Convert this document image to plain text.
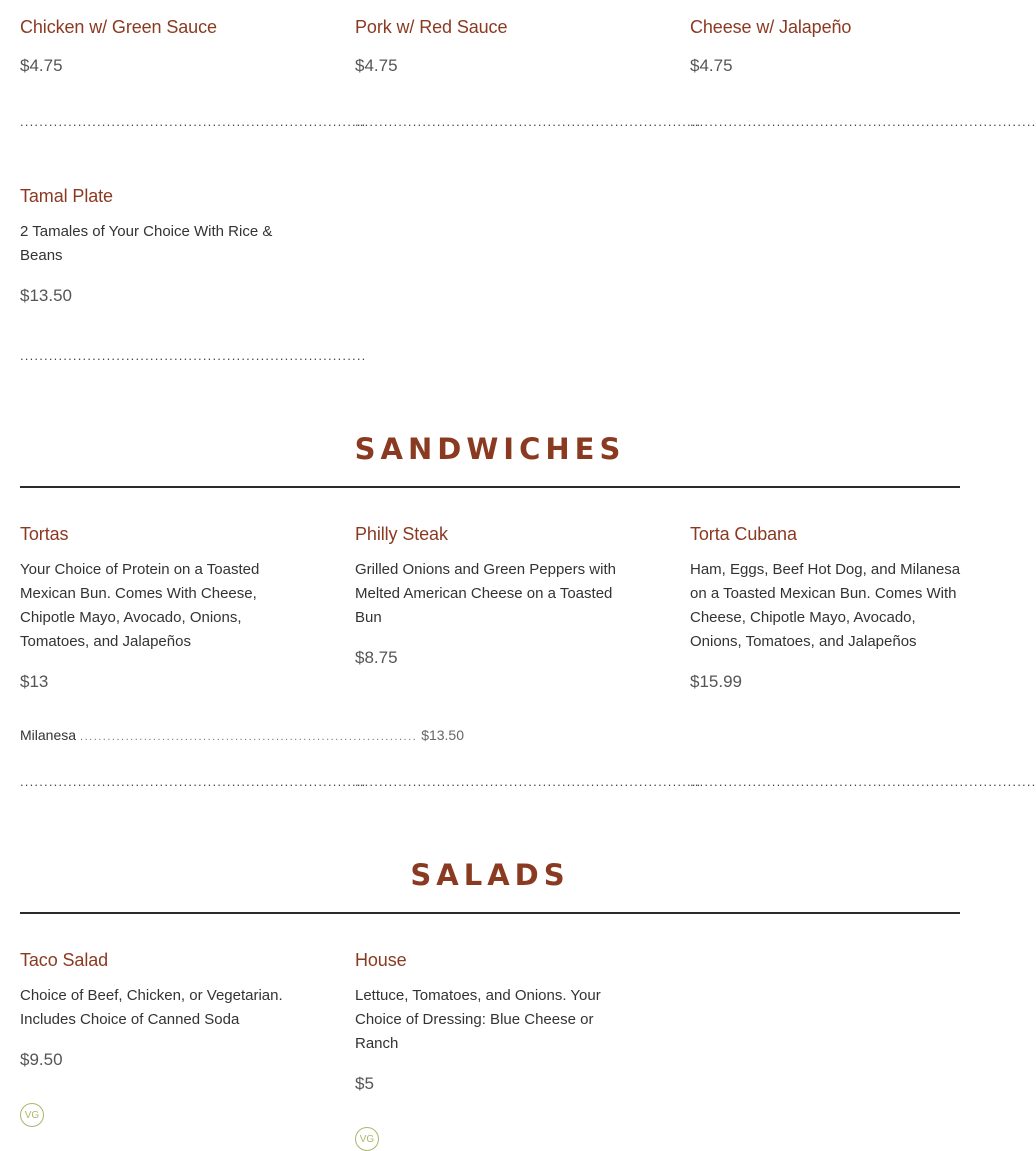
Chicken w/ Green Sauce
$4.75
Pork w/ Red Sauce
$4.75
Cheese w/ Jalapeño
$4.75
........................................................................
........................................................................
........................................................................
Tamal Plate
2 Tamales of Your Choice With Rice & Beans
$13.50
........................................................................
SANDWICHES
Tortas
Your Choice of Protein on a Toasted Mexican Bun. Comes With Cheese, Chipotle Mayo, Avocado, Onions, Tomatoes, and Jalapeños
$13
Milanesa .......................................................................... $13.50
Philly Steak
Grilled Onions and Green Peppers with Melted American Cheese on a Toasted Bun
$8.75
Torta Cubana
Ham, Eggs, Beef Hot Dog, and Milanesa on a Toasted Mexican Bun. Comes With Cheese, Chipotle Mayo, Avocado, Onions, Tomatoes, and Jalapeños
$15.99
........................................................................
........................................................................
........................................................................
SALADS
Taco Salad
Choice of Beef, Chicken, or Vegetarian. Includes Choice of Canned Soda
$9.50
VG
House
Lettuce, Tomatoes, and Onions. Your Choice of Dressing: Blue Cheese or Ranch
$5
VG
